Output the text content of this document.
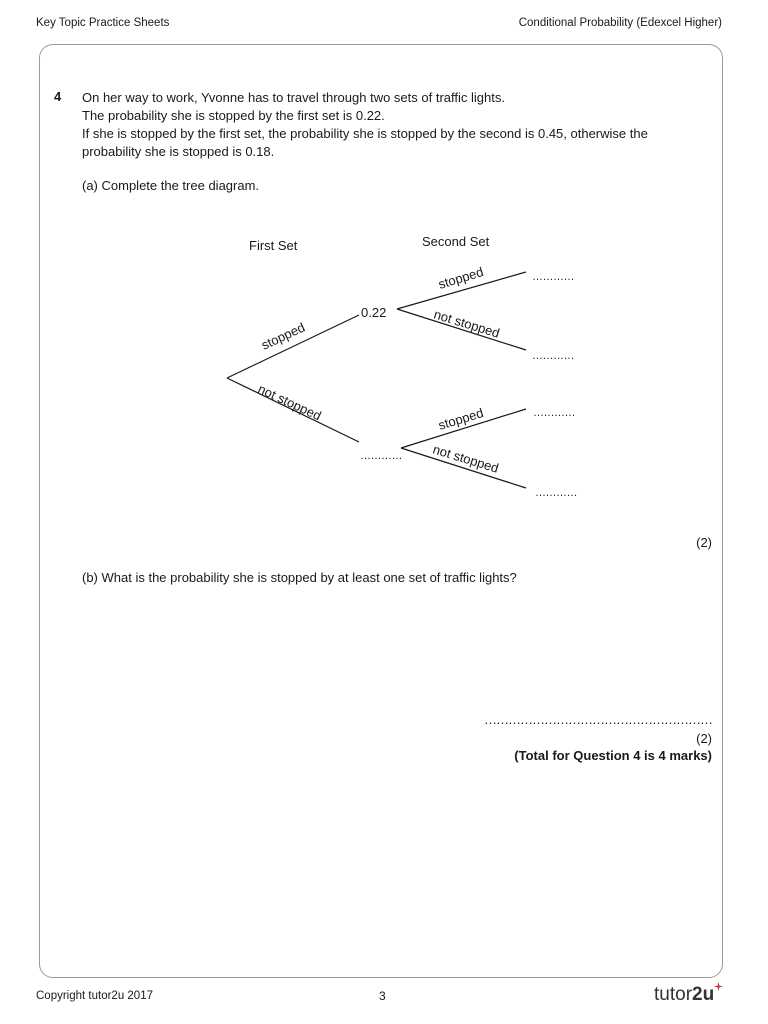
Key Topic Practice Sheets	Conditional Probability (Edexcel Higher)
4 On her way to work, Yvonne has to travel through two sets of traffic lights.
The probability she is stopped by the first set is 0.22.
If she is stopped by the first set, the probability she is stopped by the second is 0.45, otherwise the
probability she is stopped is 0.18.
(a) Complete the tree diagram.
First Set	Second Set
stopped
not stopped
stopped
not stopped
stopped
not stopped
0.22
…………
…………
…………
…………
…………
(2)
(b) What is the probability she is stopped by at least one set of traffic lights?
…………………………………………………
(2)
(Total for Question 4 is 4 marks)
Copyright tutor2u 2017	3	tutor2u
